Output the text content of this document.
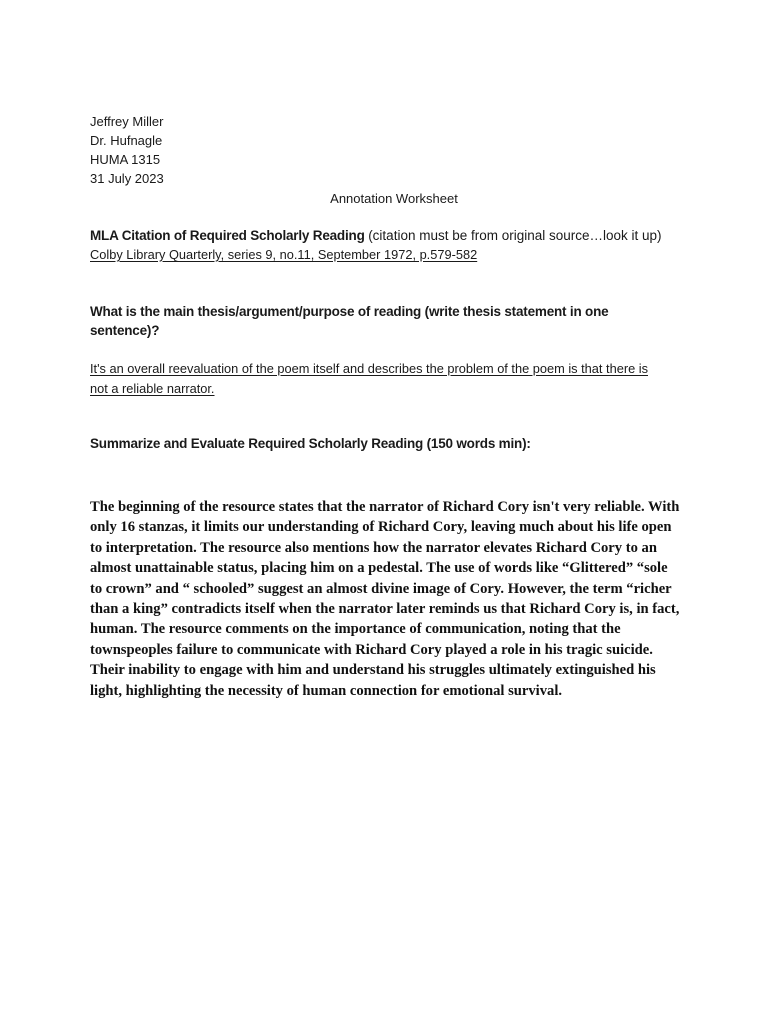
Jeffrey Miller
Dr. Hufnagle
HUMA 1315
31 July 2023
Annotation Worksheet
MLA Citation of Required Scholarly Reading (citation must be from original source…look it up)
Colby Library Quarterly, series 9, no.11, September 1972, p.579-582
What is the main thesis/argument/purpose of reading (write thesis statement in one sentence)?
It's an overall reevaluation of the poem itself and describes the problem of the poem is that there is not a reliable narrator.
Summarize and Evaluate Required Scholarly Reading (150 words min):
The beginning of the resource states that the narrator of Richard Cory isn't very reliable. With only 16 stanzas, it limits our understanding of Richard Cory, leaving much about his life open to interpretation. The resource also mentions how the narrator elevates Richard Cory to an almost unattainable status, placing him on a pedestal. The use of words like “Glittered” “sole to crown” and “ schooled” suggest an almost divine image of Cory. However, the term “richer than a king” contradicts itself when the narrator later reminds us that Richard Cory is, in fact, human. The resource comments on the importance of communication, noting that the townspeoples failure to communicate with Richard Cory played a role in his tragic suicide. Their inability to engage with him and understand his struggles ultimately extinguished his light, highlighting the necessity of human connection for emotional survival.
